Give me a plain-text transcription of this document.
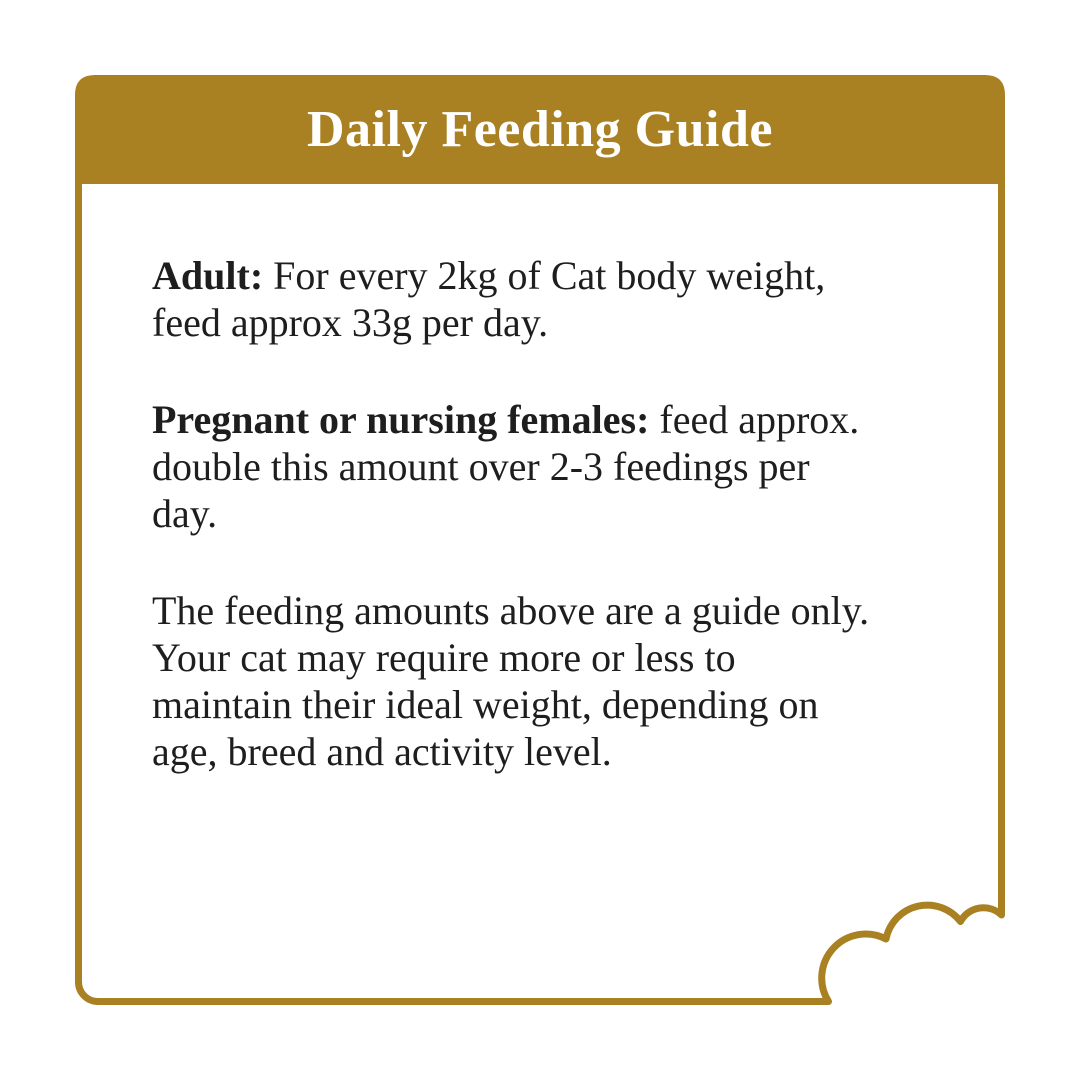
Daily Feeding Guide
Adult: For every 2kg of Cat body weight,
feed approx 33g per day.
Pregnant or nursing females: feed approx.
double this amount over 2-3 feedings per
day.
The feeding amounts above are a guide only.
Your cat may require more or less to
maintain their ideal weight, depending on
age, breed and activity level.
